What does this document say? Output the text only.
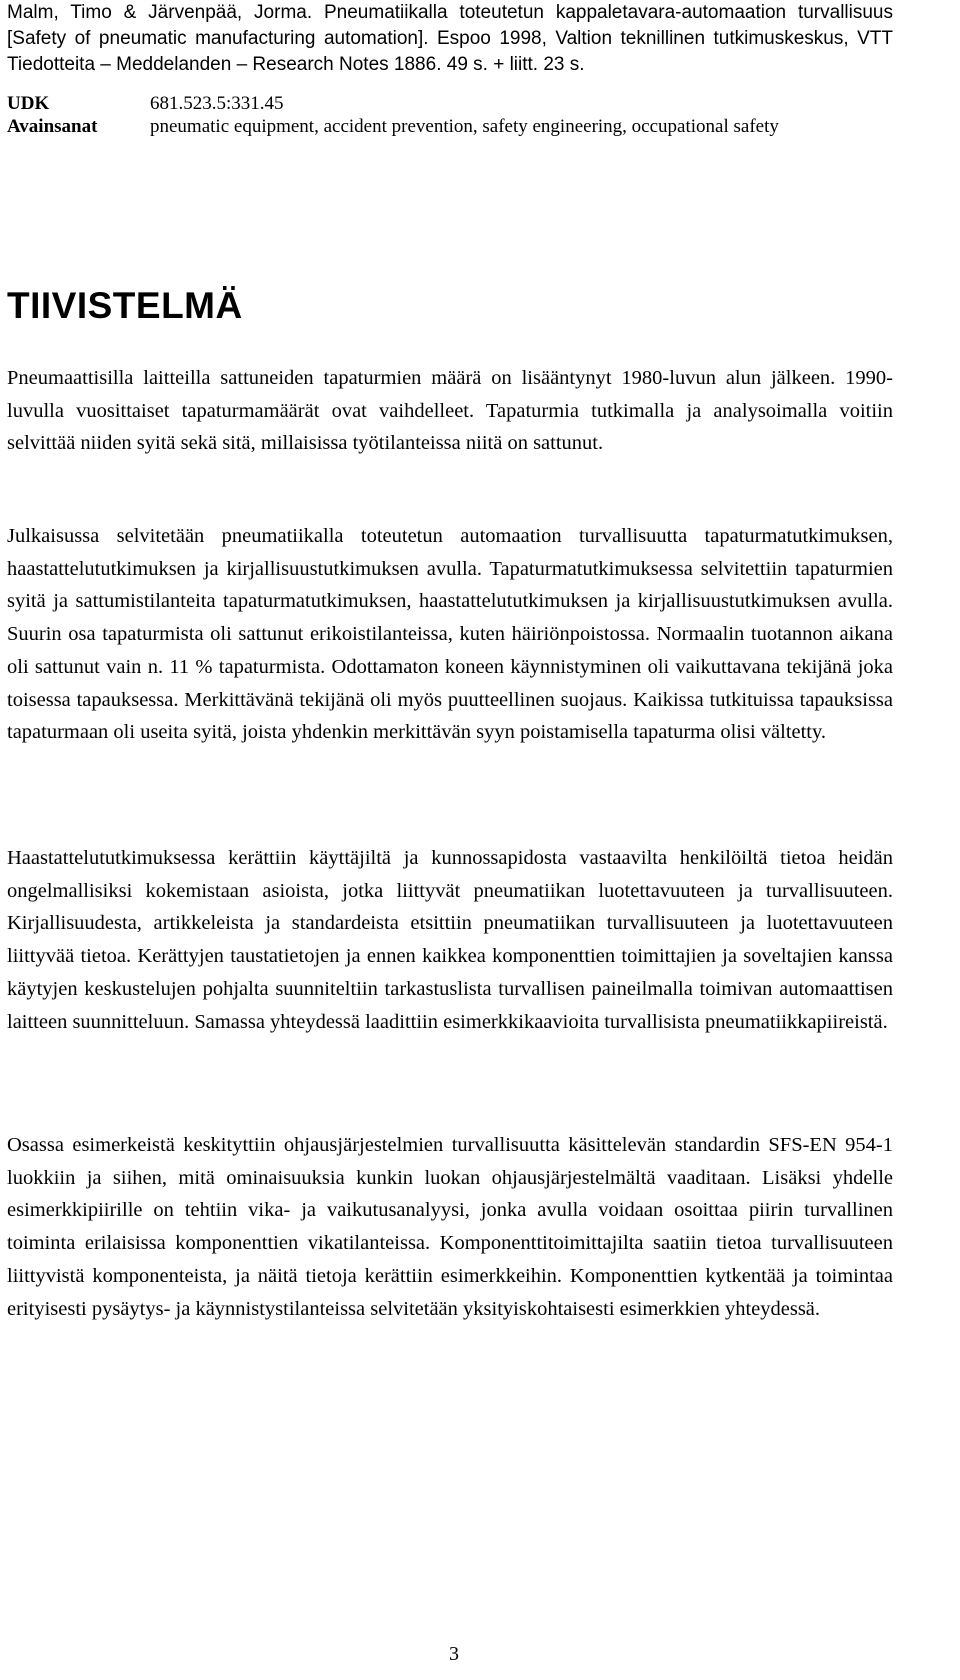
Malm, Timo & Järvenpää, Jorma. Pneumatiikalla toteutetun kappaletavara-automaation turvallisuus [Safety of pneumatic manufacturing automation]. Espoo 1998, Valtion teknillinen tutkimuskeskus, VTT Tiedotteita – Meddelanden – Research Notes 1886. 49 s. + liitt. 23 s.
UDK	681.523.5:331.45
Avainsanat	pneumatic equipment, accident prevention, safety engineering, occupational safety
TIIVISTELMÄ

Pneumaattisilla laitteilla sattuneiden tapaturmien määrä on lisääntynyt 1980-luvun alun jälkeen. 1990-luvulla vuosittaiset tapaturmamäärät ovat vaihdelleet. Tapaturmia tutkimalla ja analysoimalla voitiin selvittää niiden syitä sekä sitä, millaisissa työtilanteissa niitä on sattunut.

Julkaisussa selvitetään pneumatiikalla toteutetun automaation turvallisuutta tapaturmatutkimuksen, haastattelututkimuksen ja kirjallisuustutkimuksen avulla. Tapaturmatutkimuksessa selvitettiin tapaturmien syitä ja sattumistilanteita tapaturmatutkimuksen, haastattelututkimuksen ja kirjallisuustutkimuksen avulla. Suurin osa tapaturmista oli sattunut erikoistilanteissa, kuten häiriönpoistossa. Normaalin tuotannon aikana oli sattunut vain n. 11 % tapaturmista. Odottamaton koneen käynnistyminen oli vaikuttavana tekijänä joka toisessa tapauksessa. Merkittävänä tekijänä oli myös puutteellinen suojaus. Kaikissa tutkituissa tapauksissa tapaturmaan oli useita syitä, joista yhdenkin merkittävän syyn poistamisella tapaturma olisi vältetty.

Haastattelututkimuksessa kerättiin käyttäjiltä ja kunnossapidosta vastaavilta henkilöiltä tietoa heidän ongelmallisiksi kokemistaan asioista, jotka liittyvät pneumatiikan luotettavuuteen ja turvallisuuteen. Kirjallisuudesta, artikkeleista ja standardeista etsittiin pneumatiikan turvallisuuteen ja luotettavuuteen liittyvää tietoa. Kerättyjen taustatietojen ja ennen kaikkea komponenttien toimittajien ja soveltajien kanssa käytyjen keskustelujen pohjalta suunniteltiin tarkastuslista turvallisen paineilmalla toimivan automaattisen laitteen suunnitteluun. Samassa yhteydessä laadittiin esimerkkikaavioita turvallisista pneumatiikkapiireistä.

Osassa esimerkeistä keskityttiin ohjausjärjestelmien turvallisuutta käsittelevän standardin SFS-EN 954-1 luokkiin ja siihen, mitä ominaisuuksia kunkin luokan ohjausjärjestelmältä vaaditaan. Lisäksi yhdelle esimerkkipiirille on tehtiin vika- ja vaikutusanalyysi, jonka avulla voidaan osoittaa piirin turvallinen toiminta erilaisissa komponenttien vikatilanteissa. Komponenttitoimittajilta saatiin tietoa turvallisuuteen liittyvistä komponenteista, ja näitä tietoja kerättiin esimerkkeihin. Komponenttien kytkentää ja toimintaa erityisesti pysäytys- ja käynnistystilanteissa selvitetään yksityiskohtaisesti esimerkkien yhteydessä.

3
